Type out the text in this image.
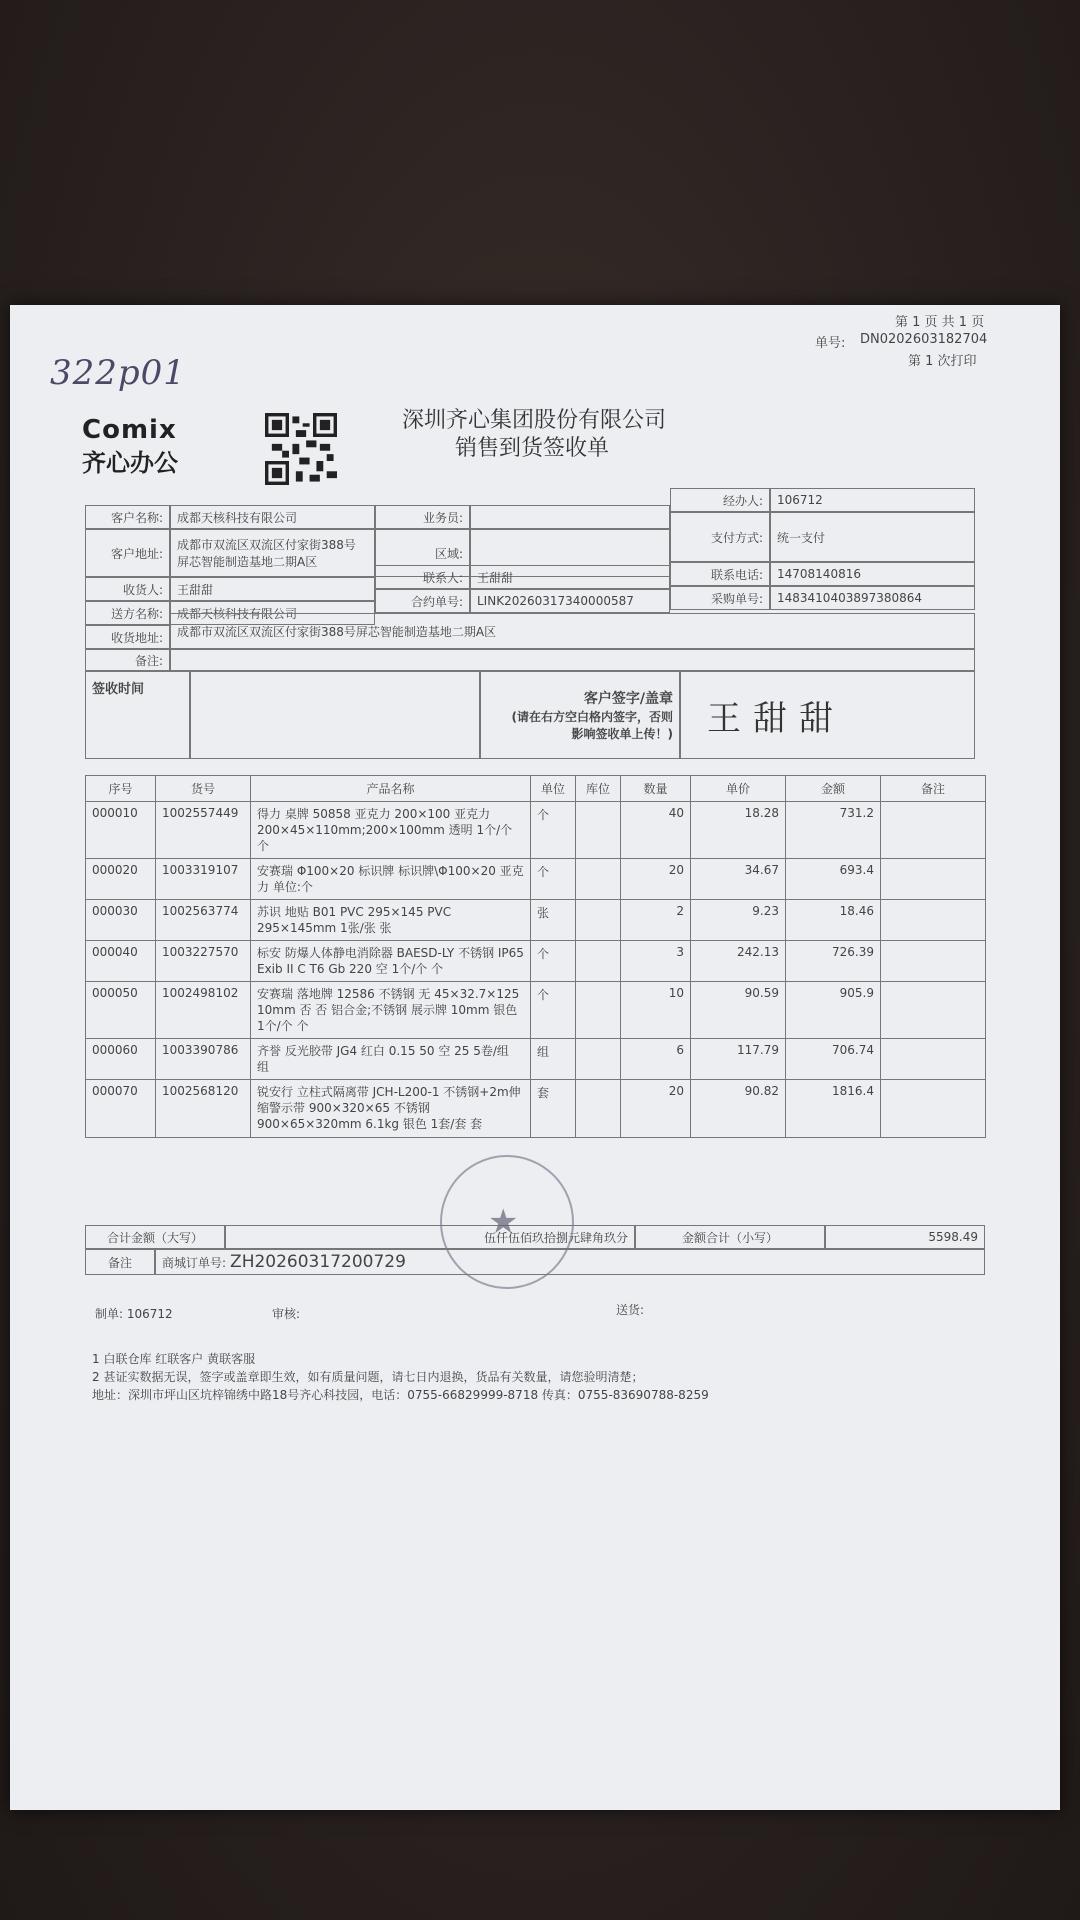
322p01
Comix
齐心办公
深圳齐心集团股份有限公司
销售到货签收单
第 1 页 共 1 页
单号: DN0202603182704
第 1 次打印
客户名称:	成都天核科技有限公司	业务员:
经办人:	106712
客户地址:
成都市双流区双流区付家街388号
屏芯智能制造基地二期A区
区域:
支付方式:	统一支付
收货人:	王甜甜
联系人:	王甜甜	联系电话:	14708140816
送方名称:	成都天核科技有限公司
合约单号:	LINK20260317340000587	采购单号:	1483410403897380864
收货地址:	成都市双流区双流区付家街388号屏芯智能制造基地二期A区
备注:
签收时间
客户签字/盖章
(请在右方空白格内签字，否则
影响签收单上传！) 王甜甜
序号	货号	产品名称	单位	库位	数量	单价	金额	备注
000010	1002557449	得力 桌牌 50858 亚克力 200×100 亚克力 200×45×110mm;200×100mm 透明 1个/个 个	个		40	18.28	731.2	
000020	1003319107	安赛瑞 Φ100×20 标识牌 标识牌\Φ100×20 亚克力 单位:个	个		20	34.67	693.4	
000030	1002563774	苏识 地贴 B01 PVC 295×145 PVC 295×145mm 1张/张 张	张		2	9.23	18.46	
000040	1003227570	标安 防爆人体静电消除器 BAESD-LY 不锈钢 IP65 Exib II C T6 Gb 220 空 1个/个 个	个		3	242.13	726.39	
000050	1002498102	安赛瑞 落地牌 12586 不锈钢 无 45×32.7×125 10mm 否 否 铝合金;不锈钢 展示牌 10mm 银色 1个/个 个	个		10	90.59	905.9	
000060	1003390786	齐誉 反光胶带 JG4 红白 0.15 50 空 25 5卷/组 组	组		6	117.79	706.74	
000070	1002568120	锐安行 立柱式隔离带 JCH-L200-1 不锈钢+2m伸缩警示带 900×320×65 不锈钢 900×65×320mm 6.1kg 银色 1套/套 套	套		20	90.82	1816.4	
合计金额（大写）	伍仟伍佰玖拾捌元肆角玖分	金额合计（小写）	5598.49
备注	商城订单号: ZH20260317200729
制单: 106712	审核:	送货:
★
1 白联仓库 红联客户 黄联客服
2 甚证实数据无误，签字或盖章即生效，如有质量问题，请七日内退换，货品有关数量，请您验明清楚；
地址：深圳市坪山区坑梓锦绣中路18号齐心科技园，电话：0755-66829999-8718 传真：0755-83690788-8259
